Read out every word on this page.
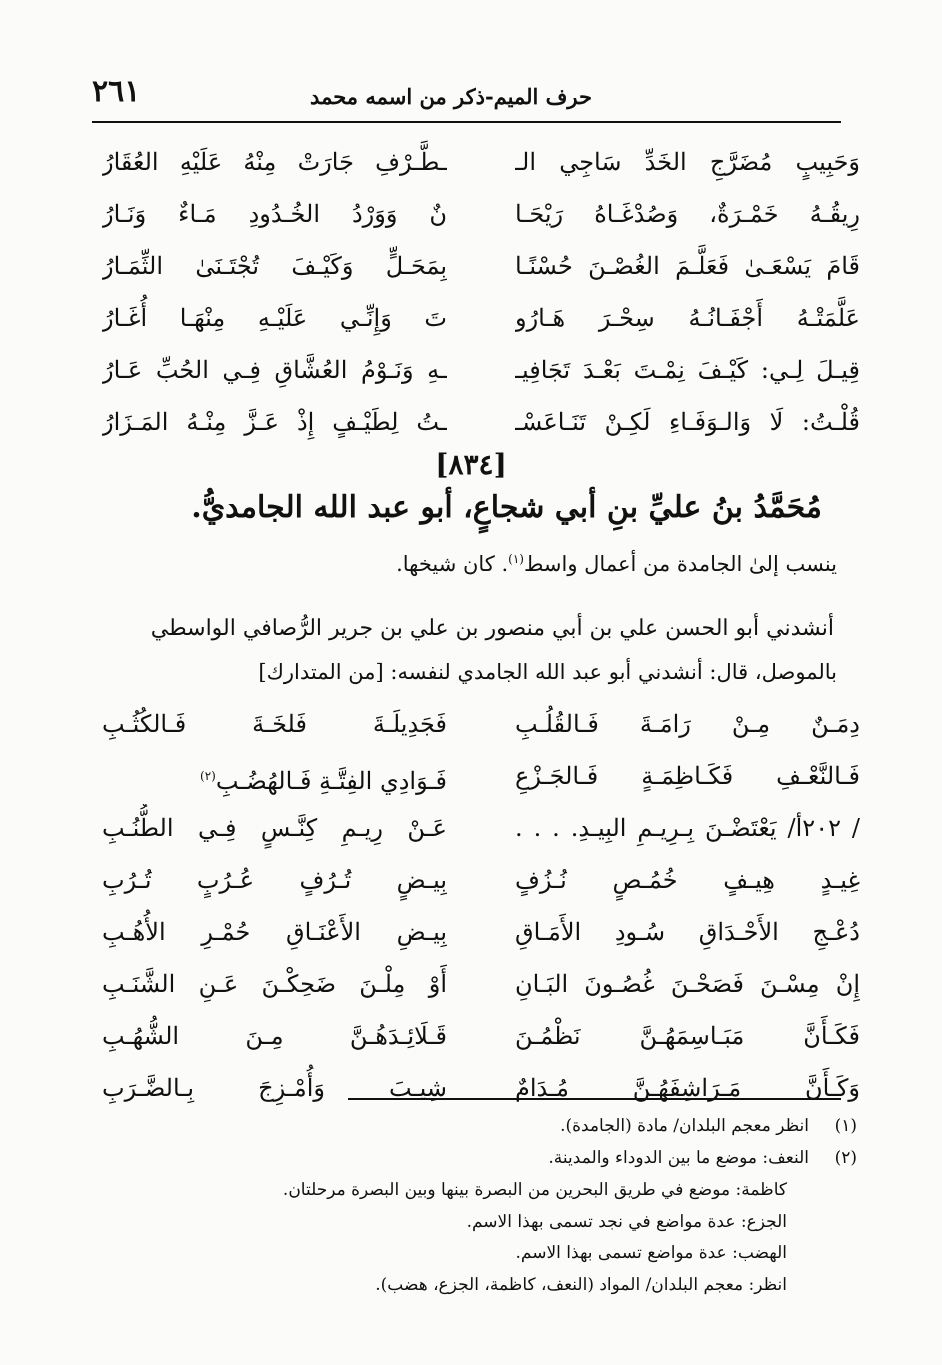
٢٦١	حرف الميم-ذكر من اسمه محمد
وَحَبِيبٍ مُضَرَّجِ الخَدِّ سَاجِي الـ
ـطَّـرْفِ جَارَتْ مِنْهُ عَلَيْهِ العُقَارُ
رِيقُـهُ خَمْـرَةٌ، وَصُدْغَـاهُ رَيْحَـا
نٌ وَوَرْدُ الخُـدُودِ مَـاءٌ وَنَـارُ
قَامَ يَسْعَـىٰ فَعَلَّـمَ الغُصْـنَ حُسْنًـا
بِمَحَـلٍّ وَكَيْـفَ تُجْتَـنَىٰ الثِّمَـارُ
عَلَّمَتْـهُ أَجْفَـانُـهُ سِحْـرَ هَـارُو
تَ وَإِنِّـي عَلَيْـهِ مِنْهَـا أُغَـارُ
قِيـلَ لِـي: كَيْـفَ نِمْـتَ بَعْـدَ تَجَافِيـ
ـهِ وَنَـوْمُ العُشَّاقِ فِـي الحُبِّ عَـارُ
قُلْـتُ: لَا وَالـوَفَـاءِ لَكِـنْ تَنَـاعَسْـ
ـتُ لِطَيْـفٍ إِذْ عَـزَّ مِنْـهُ المَـزَارُ
[٨٣٤]
مُحَمَّدُ بنُ عليِّ بنِ أبي شجاعٍ، أبو عبد الله الجامديُّ.
ينسب إلىٰ الجامدة من أعمال واسط$^{(١)}$. كان شيخها.
أنشدني أبو الحسن علي بن أبي منصور بن علي بن جرير الرُّصافي الواسطي
بالموصل، قال: أنشدني أبو عبد الله الجامدي لنفسه: [من المتدارك]
دِمَـنٌ مِـنْ رَامَـةَ فَـالقُلُـبِ
فَجَدِيلَـةَ فَلخَـةَ فَـالكُثُـبِ
فَـالنَّعْـفِ فَكَـاظِمَـةٍ فَـالجَـزْعِ
فَـوَادِي الفِتَّـةِ فَـالهُضُـبِ$^{(٢)}$
/ ٢٠٢أ/ يَعْتَضْـنَ بِـرِيـمِ البِيـدِ. . . .
عَـنْ رِيـمِ كِنَّـسٍ فِـي الطُّنُـبِ
غِيـدٍ هِيـفٍ خُمُـصٍ نُـزُفٍ
بِيـضٍ تُـرُفٍ عُـرُبٍ تُـرُبِ
دُعْـجِ الأَحْـدَاقِ سُـودِ الأَمَـاقِ
بِيـضِ الأَعْنَـاقِ حُمْـرِ الأُهُـبِ
إِنْ مِسْـنَ فَصَحْـنَ غُصُـونَ البَـانِ
أَوْ مِلْـنَ ضَحِكْـنَ عَـنِ الشَّنَـبِ
فَكَـأَنَّ مَبَـاسِمَهُـنَّ نَظْمُـنَ
قَـلَائِـدَهُـنَّ مِـنَ الشُّهُـبِ
وَكَـأَنَّ مَـرَاشِفَهُـنَّ مُـدَامٌ
شِيـبَ وَأُمْـزِجَ بِـالضَّـرَبِ
(١)انظر معجم البلدان/ مادة (الجامدة).
(٢)النعف: موضع ما بين الدوداء والمدينة.
كاظمة: موضع في طريق البحرين من البصرة بينها وبين البصرة مرحلتان.
الجزع: عدة مواضع في نجد تسمى بهذا الاسم.
الهضب: عدة مواضع تسمى بهذا الاسم.
انظر: معجم البلدان/ المواد (النعف، كاظمة، الجزع، هضب).
